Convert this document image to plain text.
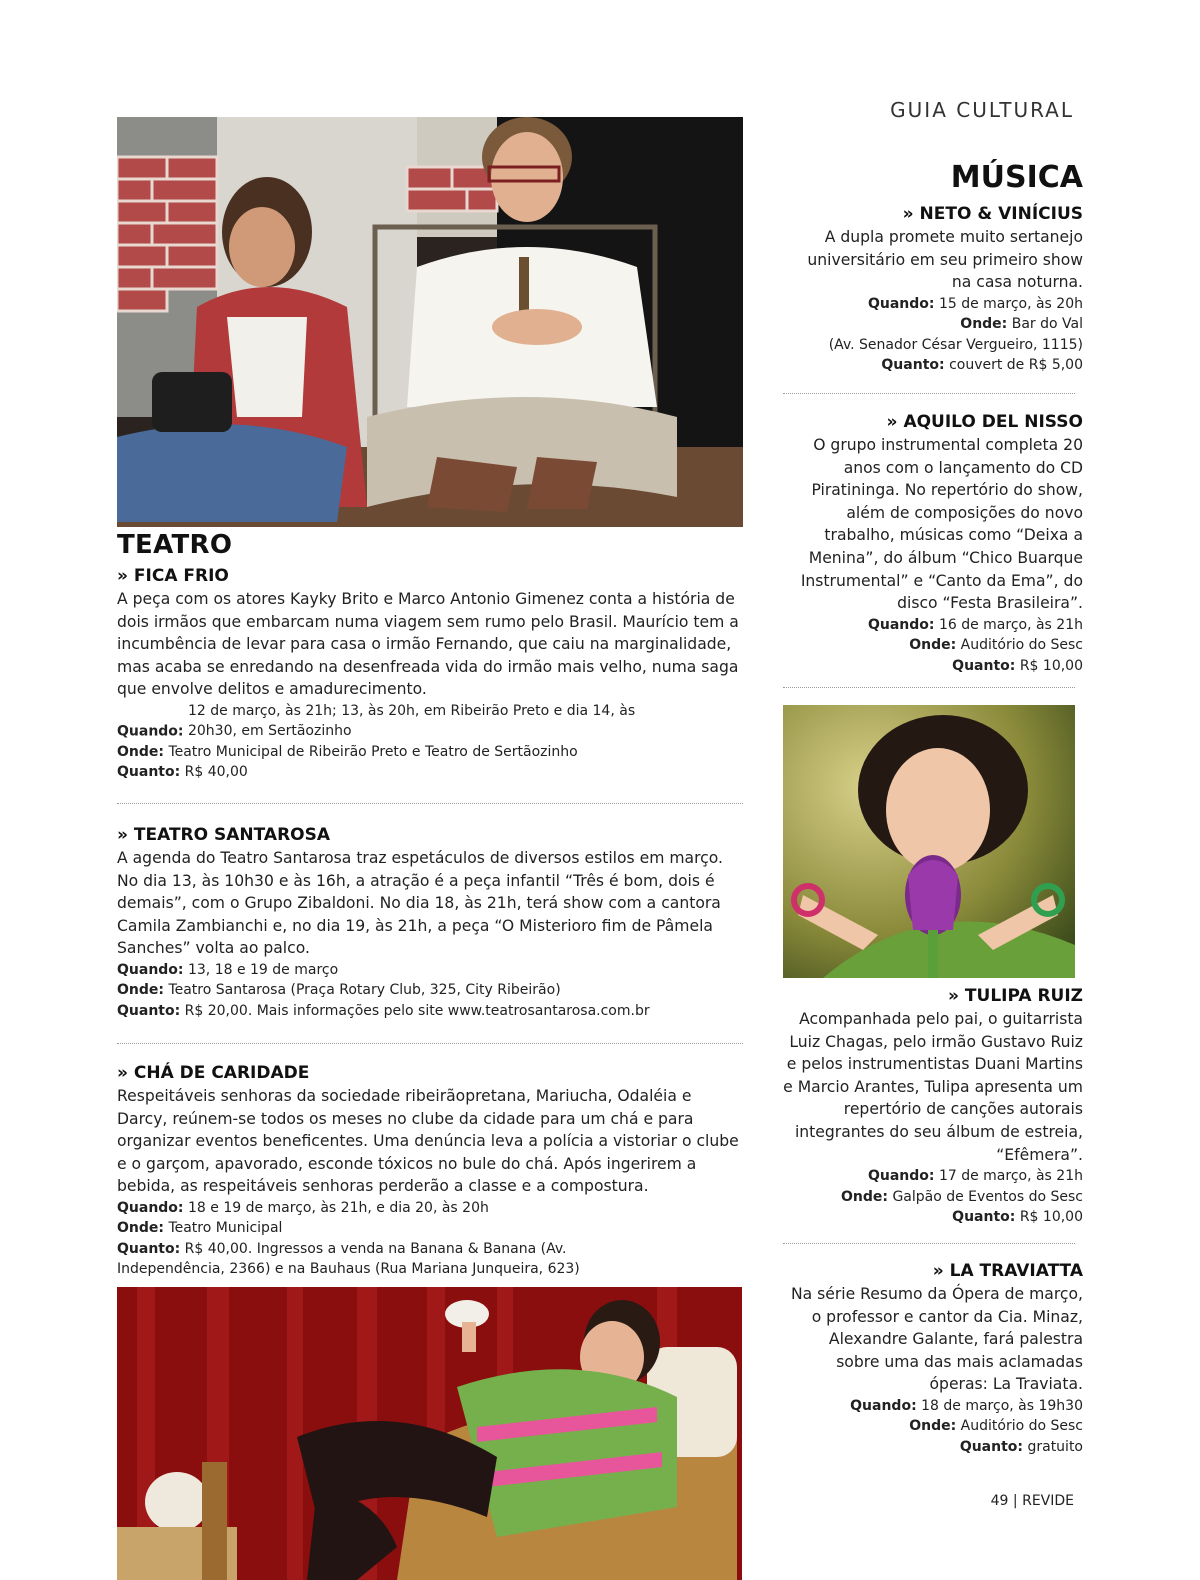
GUIA CULTURAL
TEATRO
» FICA FRIO

A peça com os atores Kayky Brito e Marco Antonio Gimenez conta a história de dois irmãos que embarcam numa viagem sem rumo pelo Brasil. Maurício tem a incumbência de levar para casa o irmão Fernando, que caiu na marginalidade, mas acaba se enredando na desenfreada vida do irmão mais velho, numa saga que envolve delitos e amadurecimento.

Quando: 12 de março, às 21h; 13, às 20h, em Ribeirão Preto e dia 14, às 20h30, em Sertãozinho

Onde: Teatro Municipal de Ribeirão Preto e Teatro de Sertãozinho

Quanto: R$ 40,00

» TEATRO SANTAROSA

A agenda do Teatro Santarosa traz espetáculos de diversos estilos em março. No dia 13, às 10h30 e às 16h, a atração é a peça infantil “Três é bom, dois é demais”, com o Grupo Zibaldoni. No dia 18, às 21h, terá show com a cantora Camila Zambianchi e, no dia 19, às 21h, a peça “O Misterioro fim de Pâmela Sanches” volta ao palco.

Quando: 13, 18 e 19 de março

Onde: Teatro Santarosa (Praça Rotary Club, 325, City Ribeirão)

Quanto: R$ 20,00. Mais informações pelo site www.teatrosantarosa.com.br

» CHÁ DE CARIDADE

Respeitáveis senhoras da sociedade ribeirãopretana, Mariucha, Odaléia e Darcy, reúnem-se todos os meses no clube da cidade para um chá e para organizar eventos beneficentes. Uma denúncia leva a polícia a vistoriar o clube e o garçom, apavorado, esconde tóxicos no bule do chá. Após ingerirem a bebida, as respeitáveis senhoras perderão a classe e a compostura.

Quando: 18 e 19 de março, às 21h, e dia 20, às 20h

Onde: Teatro Municipal

Quanto: R$ 40,00. Ingressos a venda na Banana & Banana (Av. Independência, 2366) e na Bauhaus (Rua Mariana Junqueira, 623)

MÚSICA
» NETO & VINÍCIUS

A dupla promete muito sertanejo universitário em seu primeiro show na casa noturna.

Quando: 15 de março, às 20h

Onde: Bar do Val

(Av. Senador César Vergueiro, 1115)

Quanto: couvert de R$ 5,00

» AQUILO DEL NISSO

O grupo instrumental completa 20 anos com o lançamento do CD Piratininga. No repertório do show, além de composições do novo trabalho, músicas como “Deixa a Menina”, do álbum “Chico Buarque Instrumental” e “Canto da Ema”, do disco “Festa Brasileira”.

Quando: 16 de março, às 21h

Onde: Auditório do Sesc

Quanto: R$ 10,00

» TULIPA RUIZ

Acompanhada pelo pai, o guitarrista Luiz Chagas, pelo irmão Gustavo Ruiz e pelos instrumentistas Duani Martins e Marcio Arantes, Tulipa apresenta um repertório de canções autorais integrantes do seu álbum de estreia, “Efêmera”.

Quando: 17 de março, às 21h

Onde: Galpão de Eventos do Sesc

Quanto: R$ 10,00

» LA TRAVIATTA

Na série Resumo da Ópera de março, o professor e cantor da Cia. Minaz, Alexandre Galante, fará palestra sobre uma das mais aclamadas óperas: La Traviata.

Quando: 18 de março, às 19h30

Onde: Auditório do Sesc

Quanto: gratuito

49 | REVIDE
